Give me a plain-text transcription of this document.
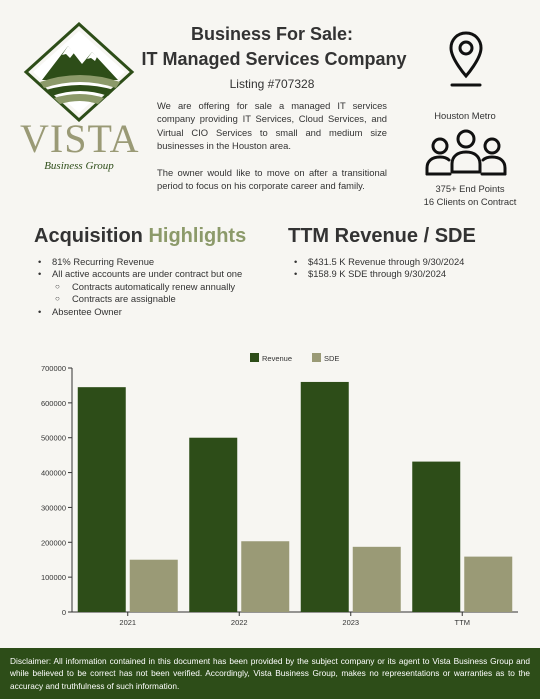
VISTA
Business Group
Business For Sale:
IT Managed Services Company
Listing #707328

We are offering for sale a managed IT services company providing IT Services, Cloud Services, and Virtual CIO Services to small and medium size businesses in the Houston area.

The owner would like to move on after a transitional period to focus on his corporate career and family.

Houston Metro
375+ End Points
16 Clients on Contract
Acquisition Highlights TTM Revenue / SDE
• 81% Recurring Revenue
• All active accounts are under contract but one
○ Contracts automatically renew annually
○ Contracts are assignable
• Absentee Owner
• $431.5 K Revenue through 9/30/2024
• $158.9 K SDE through 9/30/2024
0
100000
200000
300000
400000
500000
600000
700000
2021	2022	2023	TTM
Revenue	SDE
Disclaimer: All information contained in this document has been provided by the subject company or its agent to Vista Business Group and while believed to be correct has not been verified. Accordingly, Vista Business Group, makes no representations or warranties as to the accuracy and truthfulness of such information.
